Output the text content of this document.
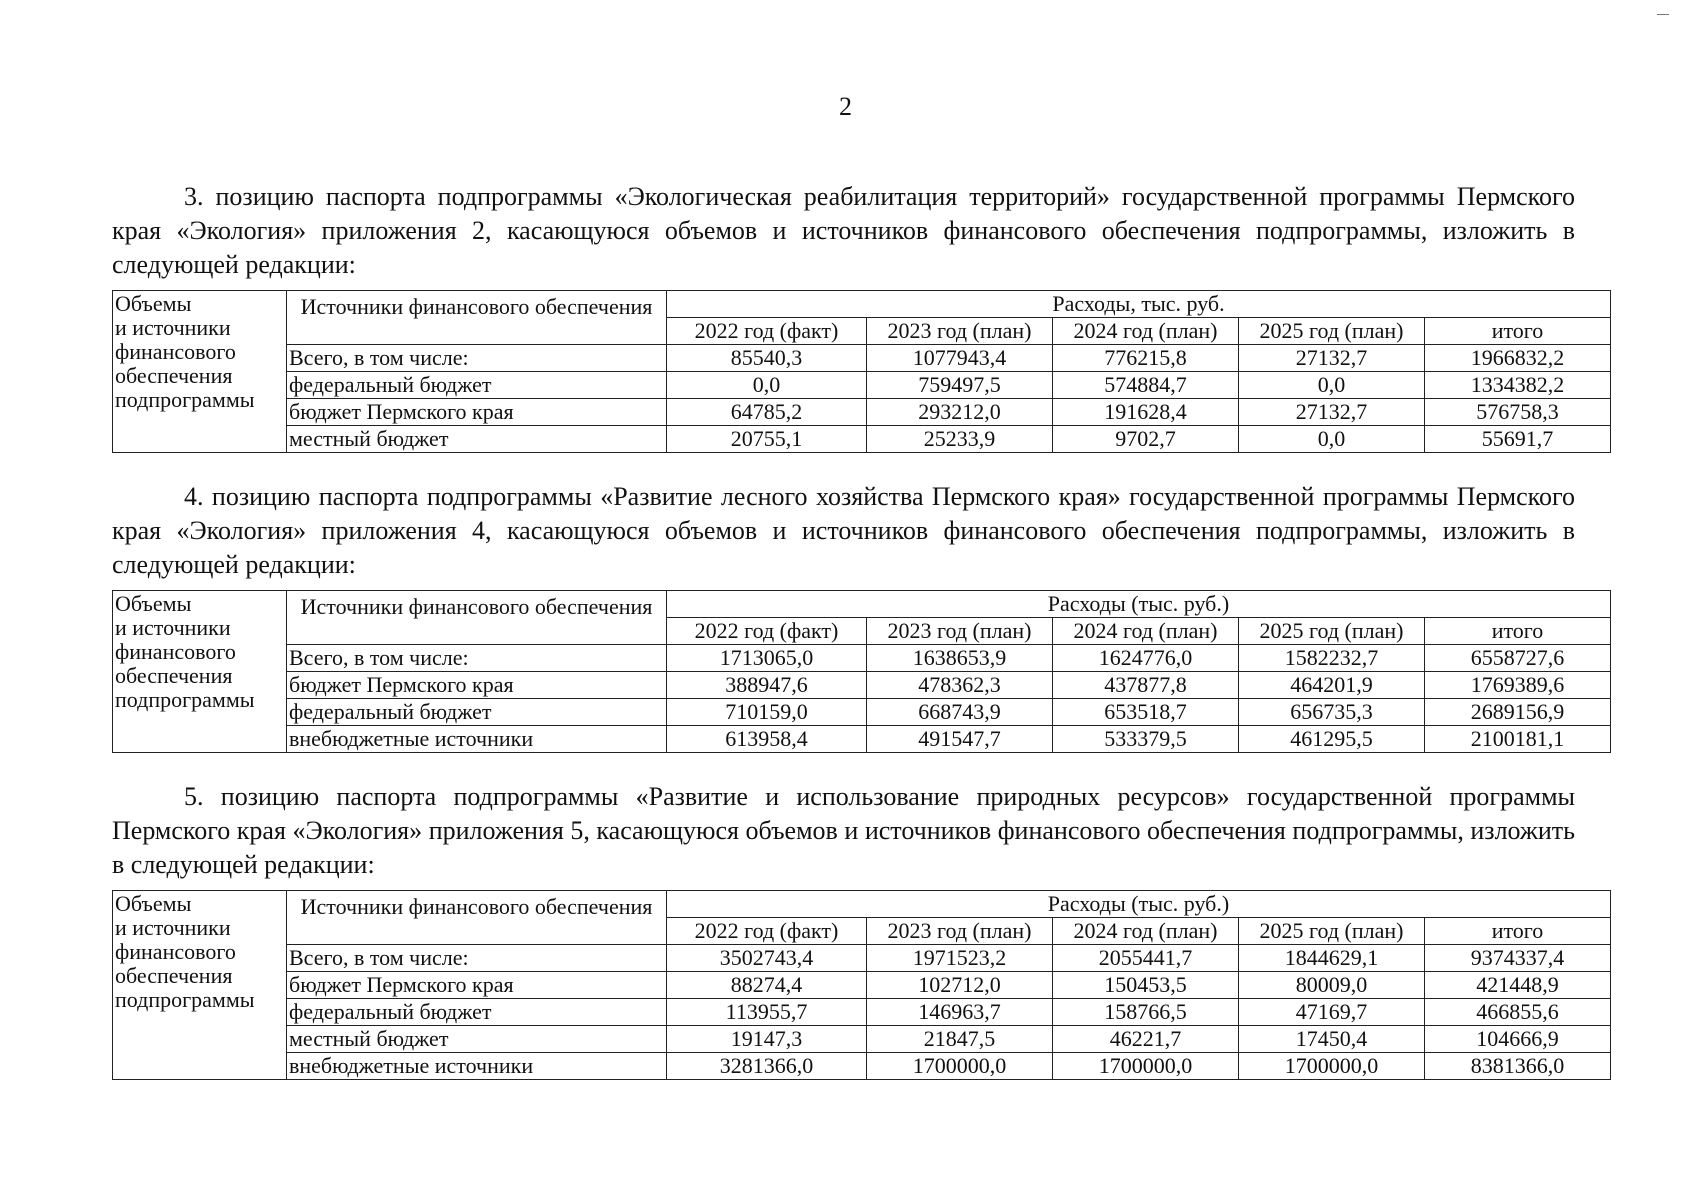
2

3. позицию паспорта подпрограммы «Экологическая реабилитация территорий» государственной программы Пермского края «Экология» приложения 2, касающуюся объемов и источников финансового обеспечения подпрограммы, изложить в следующей редакции:

Объемы
и источники
финансового
обеспечения
подпрограммы	Источники финансового обеспечения	Расходы, тыс. руб.				
		2022 год (факт)	2023 год (план)	2024 год (план)	2025 год (план)	итого
	Всего, в том числе:	85540,3	1077943,4	776215,8	27132,7	1966832,2
	федеральный бюджет	0,0	759497,5	574884,7	0,0	1334382,2
	бюджет Пермского края	64785,2	293212,0	191628,4	27132,7	576758,3
	местный бюджет	20755,1	25233,9	9702,7	0,0	55691,7

4. позицию паспорта подпрограммы «Развитие лесного хозяйства Пермского края» государственной программы Пермского края «Экология» приложения 4, касающуюся объемов и источников финансового обеспечения подпрограммы, изложить в следующей редакции:

Объемы
и источники
финансового
обеспечения
подпрограммы	Источники финансового обеспечения	Расходы (тыс. руб.)				
		2022 год (факт)	2023 год (план)	2024 год (план)	2025 год (план)	итого
	Всего, в том числе:	1713065,0	1638653,9	1624776,0	1582232,7	6558727,6
	бюджет Пермского края	388947,6	478362,3	437877,8	464201,9	1769389,6
	федеральный бюджет	710159,0	668743,9	653518,7	656735,3	2689156,9
	внебюджетные источники	613958,4	491547,7	533379,5	461295,5	2100181,1

5. позицию паспорта подпрограммы «Развитие и использование природных ресурсов» государственной программы Пермского края «Экология» приложения 5, касающуюся объемов и источников финансового обеспечения подпрограммы, изложить в следующей редакции:

Объемы
и источники
финансового
обеспечения
подпрограммы	Источники финансового обеспечения	Расходы (тыс. руб.)				
		2022 год (факт)	2023 год (план)	2024 год (план)	2025 год (план)	итого
	Всего, в том числе:	3502743,4	1971523,2	2055441,7	1844629,1	9374337,4
	бюджет Пермского края	88274,4	102712,0	150453,5	80009,0	421448,9
	федеральный бюджет	113955,7	146963,7	158766,5	47169,7	466855,6
	местный бюджет	19147,3	21847,5	46221,7	17450,4	104666,9
	внебюджетные источники	3281366,0	1700000,0	1700000,0	1700000,0	8381366,0
